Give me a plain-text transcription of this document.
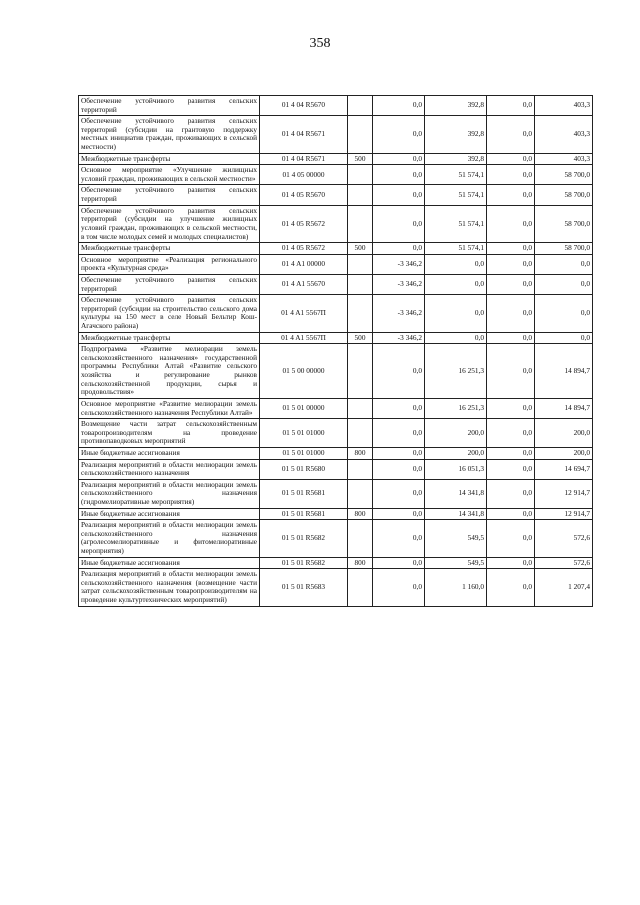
358
Обеспечение устойчивого развития сельских территорий	01 4 04 R5670		0,0	392,8	0,0	403,3
Обеспечение устойчивого развития сельских территорий (субсидии на грантовую поддержку местных инициатив граждан, проживающих в сельской местности)	01 4 04 R5671		0,0	392,8	0,0	403,3
Межбюджетные трансферты	01 4 04 R5671	500	0,0	392,8	0,0	403,3
Основное мероприятие «Улучшение жилищных условий граждан, проживающих в сельской местности»	01 4 05 00000		0,0	51 574,1	0,0	58 700,0
Обеспечение устойчивого развития сельских территорий	01 4 05 R5670		0,0	51 574,1	0,0	58 700,0
Обеспечение устойчивого развития сельских территорий (субсидии на улучшение жилищных условий граждан, проживающих в сельской местности, в том числе молодых семей и молодых специалистов)	01 4 05 R5672		0,0	51 574,1	0,0	58 700,0
Межбюджетные трансферты	01 4 05 R5672	500	0,0	51 574,1	0,0	58 700,0
Основное мероприятие «Реализация регионального проекта «Культурная среда»	01 4 A1 00000		-3 346,2	0,0	0,0	0,0
Обеспечение устойчивого развития сельских территорий	01 4 A1 55670		-3 346,2	0,0	0,0	0,0
Обеспечение устойчивого развития сельских территорий (субсидии на строительство сельского дома культуры на 150 мест в селе Новый Бельтир Кош-Агачского района)	01 4 A1 5567П		-3 346,2	0,0	0,0	0,0
Межбюджетные трансферты	01 4 A1 5567П	500	-3 346,2	0,0	0,0	0,0
Подпрограмма «Развитие мелиорации земель сельскохозяйственного назначения» государственной программы Республики Алтай «Развитие сельского хозяйства и регулирование рынков сельскохозяйственной продукции, сырья и продовольствия»	01 5 00 00000		0,0	16 251,3	0,0	14 894,7
Основное мероприятие «Развитие мелиорации земель сельскохозяйственного назначения Республики Алтай»	01 5 01 00000		0,0	16 251,3	0,0	14 894,7
Возмещение части затрат сельскохозяйственным товаропроизводителям на проведение противопаводковых мероприятий	01 5 01 01000		0,0	200,0	0,0	200,0
Иные бюджетные ассигнования	01 5 01 01000	800	0,0	200,0	0,0	200,0
Реализация мероприятий в области мелиорации земель сельскохозяйственного назначения	01 5 01 R5680		0,0	16 051,3	0,0	14 694,7
Реализация мероприятий в области мелиорации земель сельскохозяйственного назначения (гидромелиоративные мероприятия)	01 5 01 R5681		0,0	14 341,8	0,0	12 914,7
Иные бюджетные ассигнования	01 5 01 R5681	800	0,0	14 341,8	0,0	12 914,7
Реализация мероприятий в области мелиорации земель сельскохозяйственного назначения (агролесомелиоративные и фитомелиоративные мероприятия)	01 5 01 R5682		0,0	549,5	0,0	572,6
Иные бюджетные ассигнования	01 5 01 R5682	800	0,0	549,5	0,0	572,6
Реализация мероприятий в области мелиорации земель сельскохозяйственного назначения (возмещение части затрат сельскохозяйственным товаропроизводителям на проведение культуртехнических мероприятий)	01 5 01 R5683		0,0	1 160,0	0,0	1 207,4
